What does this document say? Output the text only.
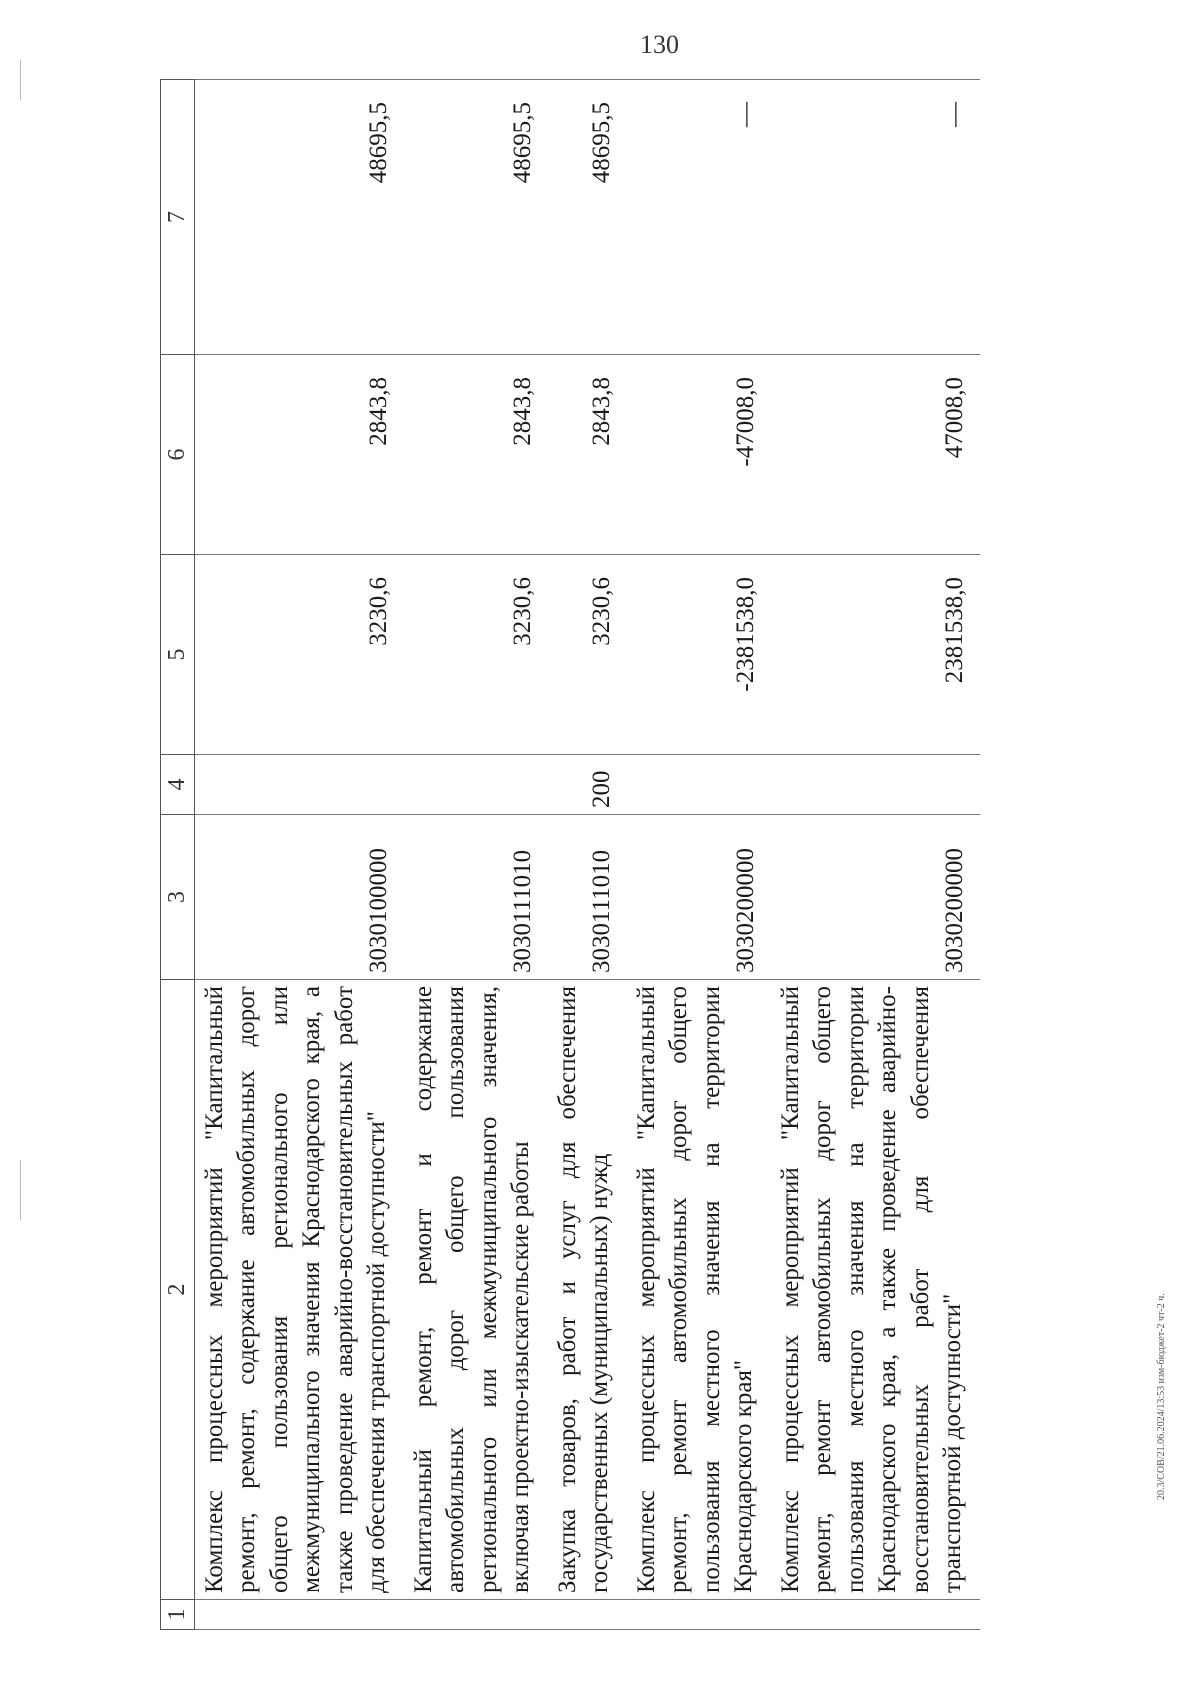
130
20.3/СОВ/21.06.2024/13:53 изм-бюджет-2 чт-2 ч.
1	2	3	4	5	6	7
	Комплекс процессных мероприятий "Капитальный ремонт, ремонт, содержание автомобильных дорог общего пользования регионального или межмуниципального значения Краснодарского края, а также проведение аварийно-восстановительных работ для обеспечения транспортной доступности"	3030100000		3230,6	2843,8	48695,5
	Капитальный ремонт, ремонт и содержание автомобильных дорог общего пользования регионального или межмуниципального значения, включая проектно-изыскательские работы	3030111010		3230,6	2843,8	48695,5
	Закупка товаров, работ и услуг для обеспечения государственных (муниципальных) нужд	3030111010	200	3230,6	2843,8	48695,5
	Комплекс процессных мероприятий "Капитальный ремонт, ремонт автомобильных дорог общего пользования местного значения на территории Краснодарского края"	3030200000		-2381538,0	-47008,0	—
	Комплекс процессных мероприятий "Капитальный ремонт, ремонт автомобильных дорог общего пользования местного значения на территории Краснодарского края, а также проведение аварийно-восстановительных работ для обеспечения транспортной доступности"	3030200000		2381538,0	47008,0	—
